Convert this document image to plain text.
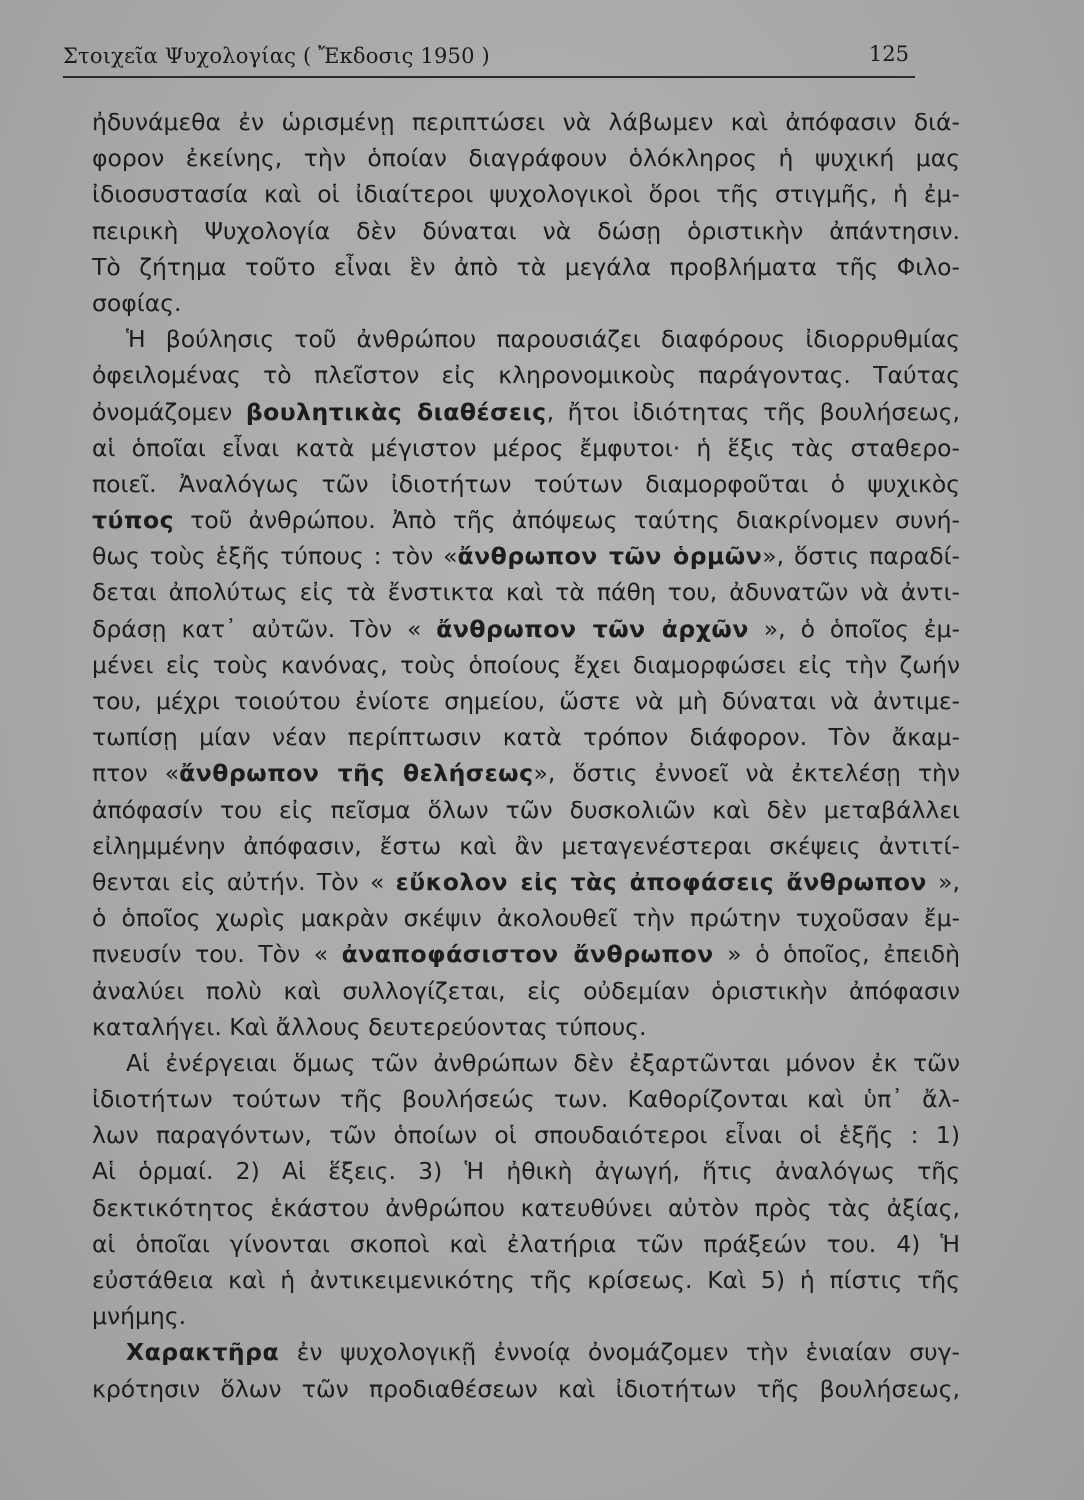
Στοιχεῖα Ψυχολογίας ( Ἔκδοσις 1950 )	125
ἠδυνάμεθα ἐν ὡρισμένῃ περιπτώσει νὰ λάβωμεν καὶ ἀπόφασιν διά-
φορον ἐκείνης, τὴν ὁποίαν διαγράφουν ὁλόκληρος ἡ ψυχική μας
ἰδιοσυστασία καὶ οἱ ἰδιαίτεροι ψυχολογικοὶ ὅροι τῆς στιγμῆς, ἡ ἐμ-
πειρικὴ Ψυχολογία δὲν δύναται νὰ δώσῃ ὁριστικὴν ἀπάντησιν.
Τὸ ζήτημα τοῦτο εἶναι ἓν ἀπὸ τὰ μεγάλα προβλήματα τῆς Φιλο-
σοφίας.
Ἡ βούλησις τοῦ ἀνθρώπου παρουσιάζει διαφόρους ἰδιορρυθμίας
ὀφειλομένας τὸ πλεῖστον εἰς κληρονομικοὺς παράγοντας. Ταύτας
ὀνομάζομεν βουλητικὰς διαθέσεις, ἤτοι ἰδιότητας τῆς βουλήσεως,
αἱ ὁποῖαι εἶναι κατὰ μέγιστον μέρος ἔμφυτοι· ἡ ἕξις τὰς σταθερο-
ποιεῖ. Ἀναλόγως τῶν ἰδιοτήτων τούτων διαμορφοῦται ὁ ψυχικὸς
τύπος τοῦ ἀνθρώπου. Ἀπὸ τῆς ἀπόψεως ταύτης διακρίνομεν συνή-
θως τοὺς ἑξῆς τύπους : τὸν «ἄνθρωπον τῶν ὁρμῶν», ὅστις παραδί-
δεται ἀπολύτως εἰς τὰ ἔνστικτα καὶ τὰ πάθη του, ἀδυνατῶν νὰ ἀντι-
δράσῃ κατ᾽ αὐτῶν. Τὸν « ἄνθρωπον τῶν ἀρχῶν », ὁ ὁποῖος ἐμ-
μένει εἰς τοὺς κανόνας, τοὺς ὁποίους ἔχει διαμορφώσει εἰς τὴν ζωήν
του, μέχρι τοιούτου ἐνίοτε σημείου, ὥστε νὰ μὴ δύναται νὰ ἀντιμε-
τωπίσῃ μίαν νέαν περίπτωσιν κατὰ τρόπον διάφορον. Τὸν ἄκαμ-
πτον «ἄνθρωπον τῆς θελήσεως», ὅστις ἐννοεῖ νὰ ἐκτελέσῃ τὴν
ἀπόφασίν του εἰς πεῖσμα ὅλων τῶν δυσκολιῶν καὶ δὲν μεταβάλλει
εἰλημμένην ἀπόφασιν, ἔστω καὶ ἂν μεταγενέστεραι σκέψεις ἀντιτί-
θενται εἰς αὐτήν. Τὸν « εὔκολον εἰς τὰς ἀποφάσεις ἄνθρωπον »,
ὁ ὁποῖος χωρὶς μακρὰν σκέψιν ἀκολουθεῖ τὴν πρώτην τυχοῦσαν ἔμ-
πνευσίν του. Τὸν « ἀναποφάσιστον ἄνθρωπον » ὁ ὁποῖος, ἐπειδὴ
ἀναλύει πολὺ καὶ συλλογίζεται, εἰς οὐδεμίαν ὁριστικὴν ἀπόφασιν
καταλήγει. Καὶ ἄλλους δευτερεύοντας τύπους.
Αἱ ἐνέργειαι ὅμως τῶν ἀνθρώπων δὲν ἐξαρτῶνται μόνον ἐκ τῶν
ἰδιοτήτων τούτων τῆς βουλήσεώς των. Καθορίζονται καὶ ὑπ᾽ ἄλ-
λων παραγόντων, τῶν ὁποίων οἱ σπουδαιότεροι εἶναι οἱ ἑξῆς : 1)
Αἱ ὁρμαί. 2) Αἱ ἕξεις. 3) Ἡ ἠθικὴ ἀγωγή, ἥτις ἀναλόγως τῆς
δεκτικότητος ἑκάστου ἀνθρώπου κατευθύνει αὐτὸν πρὸς τὰς ἀξίας,
αἱ ὁποῖαι γίνονται σκοποὶ καὶ ἐλατήρια τῶν πράξεών του. 4) Ἡ
εὐστάθεια καὶ ἡ ἀντικειμενικότης τῆς κρίσεως. Καὶ 5) ἡ πίστις τῆς
μνήμης.
Χαρακτῆρα ἐν ψυχολογικῇ ἐννοίᾳ ὀνομάζομεν τὴν ἑνιαίαν συγ-
κρότησιν ὅλων τῶν προδιαθέσεων καὶ ἰδιοτήτων τῆς βουλήσεως,
